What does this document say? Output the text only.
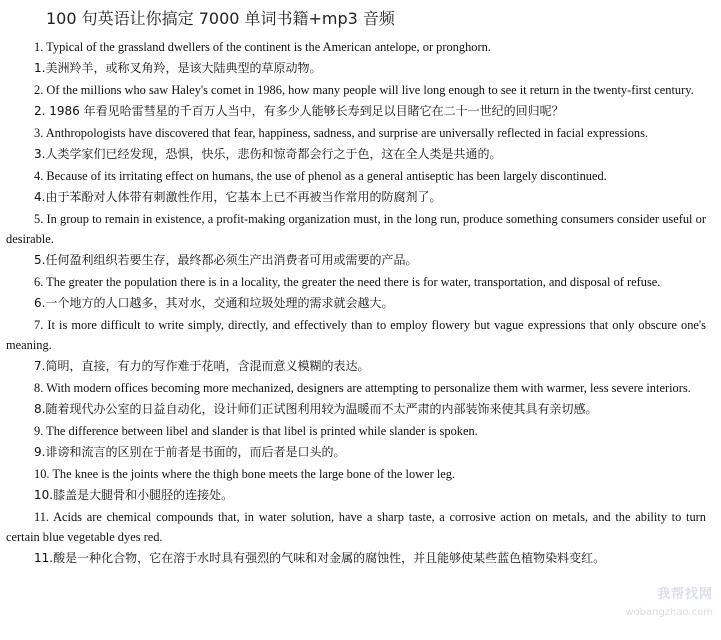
100 句英语让你搞定 7000 单词书籍+mp3 音频

1. Typical of the grassland dwellers of the continent is the American antelope, or pronghorn.

1.美洲羚羊，或称叉角羚，是该大陆典型的草原动物。

2. Of the millions who saw Haley's comet in 1986, how many people will live long enough to see it return in the twenty-first century.

2. 1986 年看见哈雷彗星的千百万人当中，有多少人能够长寿到足以目睹它在二十一世纪的回归呢？

3. Anthropologists have discovered that fear, happiness, sadness, and surprise are universally reflected in facial expressions.

3.人类学家们已经发现，恐惧，快乐，悲伤和惊奇都会行之于色，这在全人类是共通的。

4. Because of its irritating effect on humans, the use of phenol as a general antiseptic has been largely discontinued.

4.由于苯酚对人体带有刺激性作用，它基本上已不再被当作常用的防腐剂了。

5. In group to remain in existence, a profit-making organization must, in the long run, produce something consumers consider useful or desirable.

5.任何盈利组织若要生存，最终都必须生产出消费者可用或需要的产品。

6. The greater the population there is in a locality, the greater the need there is for water, transportation, and disposal of refuse.

6.一个地方的人口越多，其对水，交通和垃圾处理的需求就会越大。

7. It is more difficult to write simply, directly, and effectively than to employ flowery but vague expressions that only obscure one's meaning.

7.简明，直接，有力的写作难于花哨，含混而意义模糊的表达。

8. With modern offices becoming more mechanized, designers are attempting to personalize them with warmer, less severe interiors.

8.随着现代办公室的日益自动化，设计师们正试图利用较为温暖而不太严肃的内部装饰来使其具有亲切感。

9. The difference between libel and slander is that libel is printed while slander is spoken.

9.诽谤和流言的区别在于前者是书面的，而后者是口头的。

10. The knee is the joints where the thigh bone meets the large bone of the lower leg.

10.膝盖是大腿骨和小腿胫的连接处。

11. Acids are chemical compounds that, in water solution, have a sharp taste, a corrosive action on metals, and the ability to turn certain blue vegetable dyes red.

11.酸是一种化合物，它在溶于水时具有强烈的气味和对金属的腐蚀性，并且能够使某些蓝色植物染料变红。

我帮找网
wobangzhao.com
